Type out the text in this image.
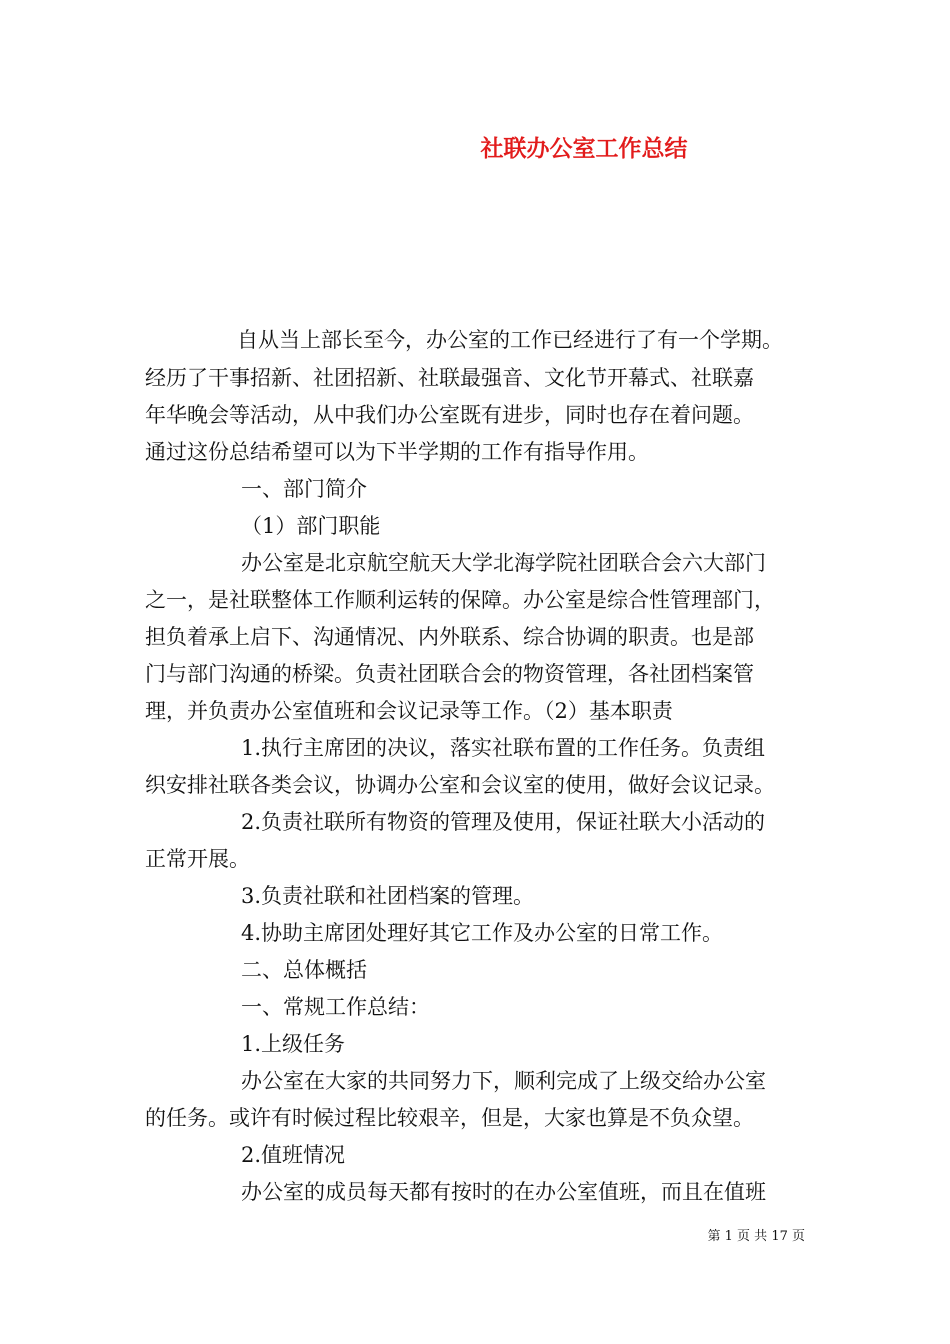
社联办公室工作总结
自从当上部长至今，办公室的工作已经进行了有一个学期。
经历了干事招新、社团招新、社联最强音、文化节开幕式、社联嘉
年华晚会等活动，从中我们办公室既有进步，同时也存在着问题。
通过这份总结希望可以为下半学期的工作有指导作用。
一、部门简介
（1）部门职能
办公室是北京航空航天大学北海学院社团联合会六大部门
之一，是社联整体工作顺利运转的保障。办公室是综合性管理部门，
担负着承上启下、沟通情况、内外联系、综合协调的职责。也是部
门与部门沟通的桥梁。负责社团联合会的物资管理，各社团档案管
理，并负责办公室值班和会议记录等工作。（2）基本职责
1.执行主席团的决议，落实社联布置的工作任务。负责组
织安排社联各类会议，协调办公室和会议室的使用，做好会议记录。
2.负责社联所有物资的管理及使用，保证社联大小活动的
正常开展。
3.负责社联和社团档案的管理。
4.协助主席团处理好其它工作及办公室的日常工作。
二、总体概括
一、常规工作总结：
1.上级任务
办公室在大家的共同努力下，顺利完成了上级交给办公室
的任务。或许有时候过程比较艰辛，但是，大家也算是不负众望。
2.值班情况
办公室的成员每天都有按时的在办公室值班，而且在值班
第 1 页 共 17 页
